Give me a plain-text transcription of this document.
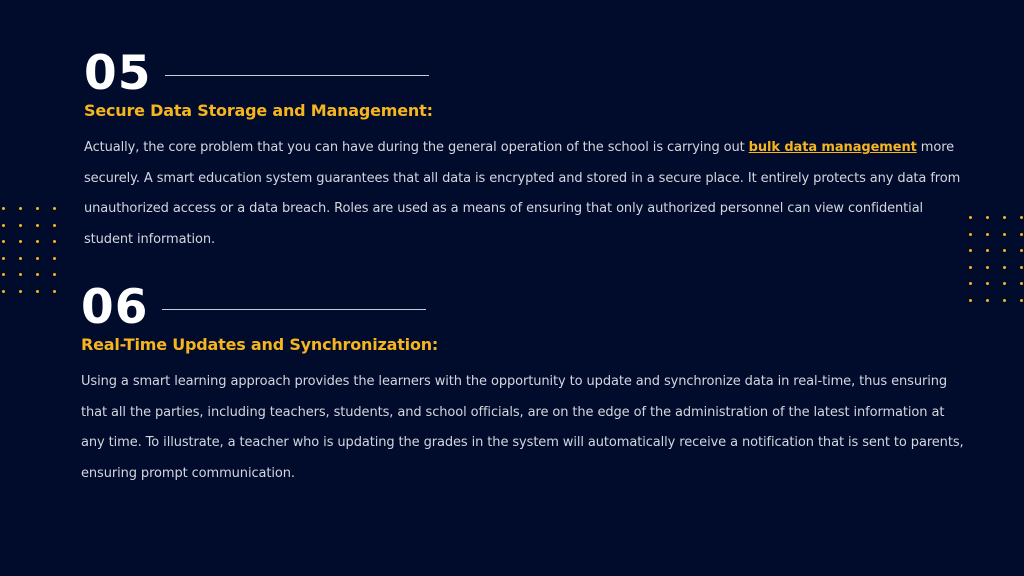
05
Secure Data Storage and Management:
Actually, the core problem that you can have during the general operation of the school is carrying out bulk data management more securely. A smart education system guarantees that all data is encrypted and stored in a secure place. It entirely protects any data from unauthorized access or a data breach. Roles are used as a means of ensuring that only authorized personnel can view confidential student information.
06
Real-Time Updates and Synchronization:
Using a smart learning approach provides the learners with the opportunity to update and synchronize data in real-time, thus ensuring that all the parties, including teachers, students, and school officials, are on the edge of the administration of the latest information at any time. To illustrate, a teacher who is updating the grades in the system will automatically receive a notification that is sent to parents, ensuring prompt communication.
